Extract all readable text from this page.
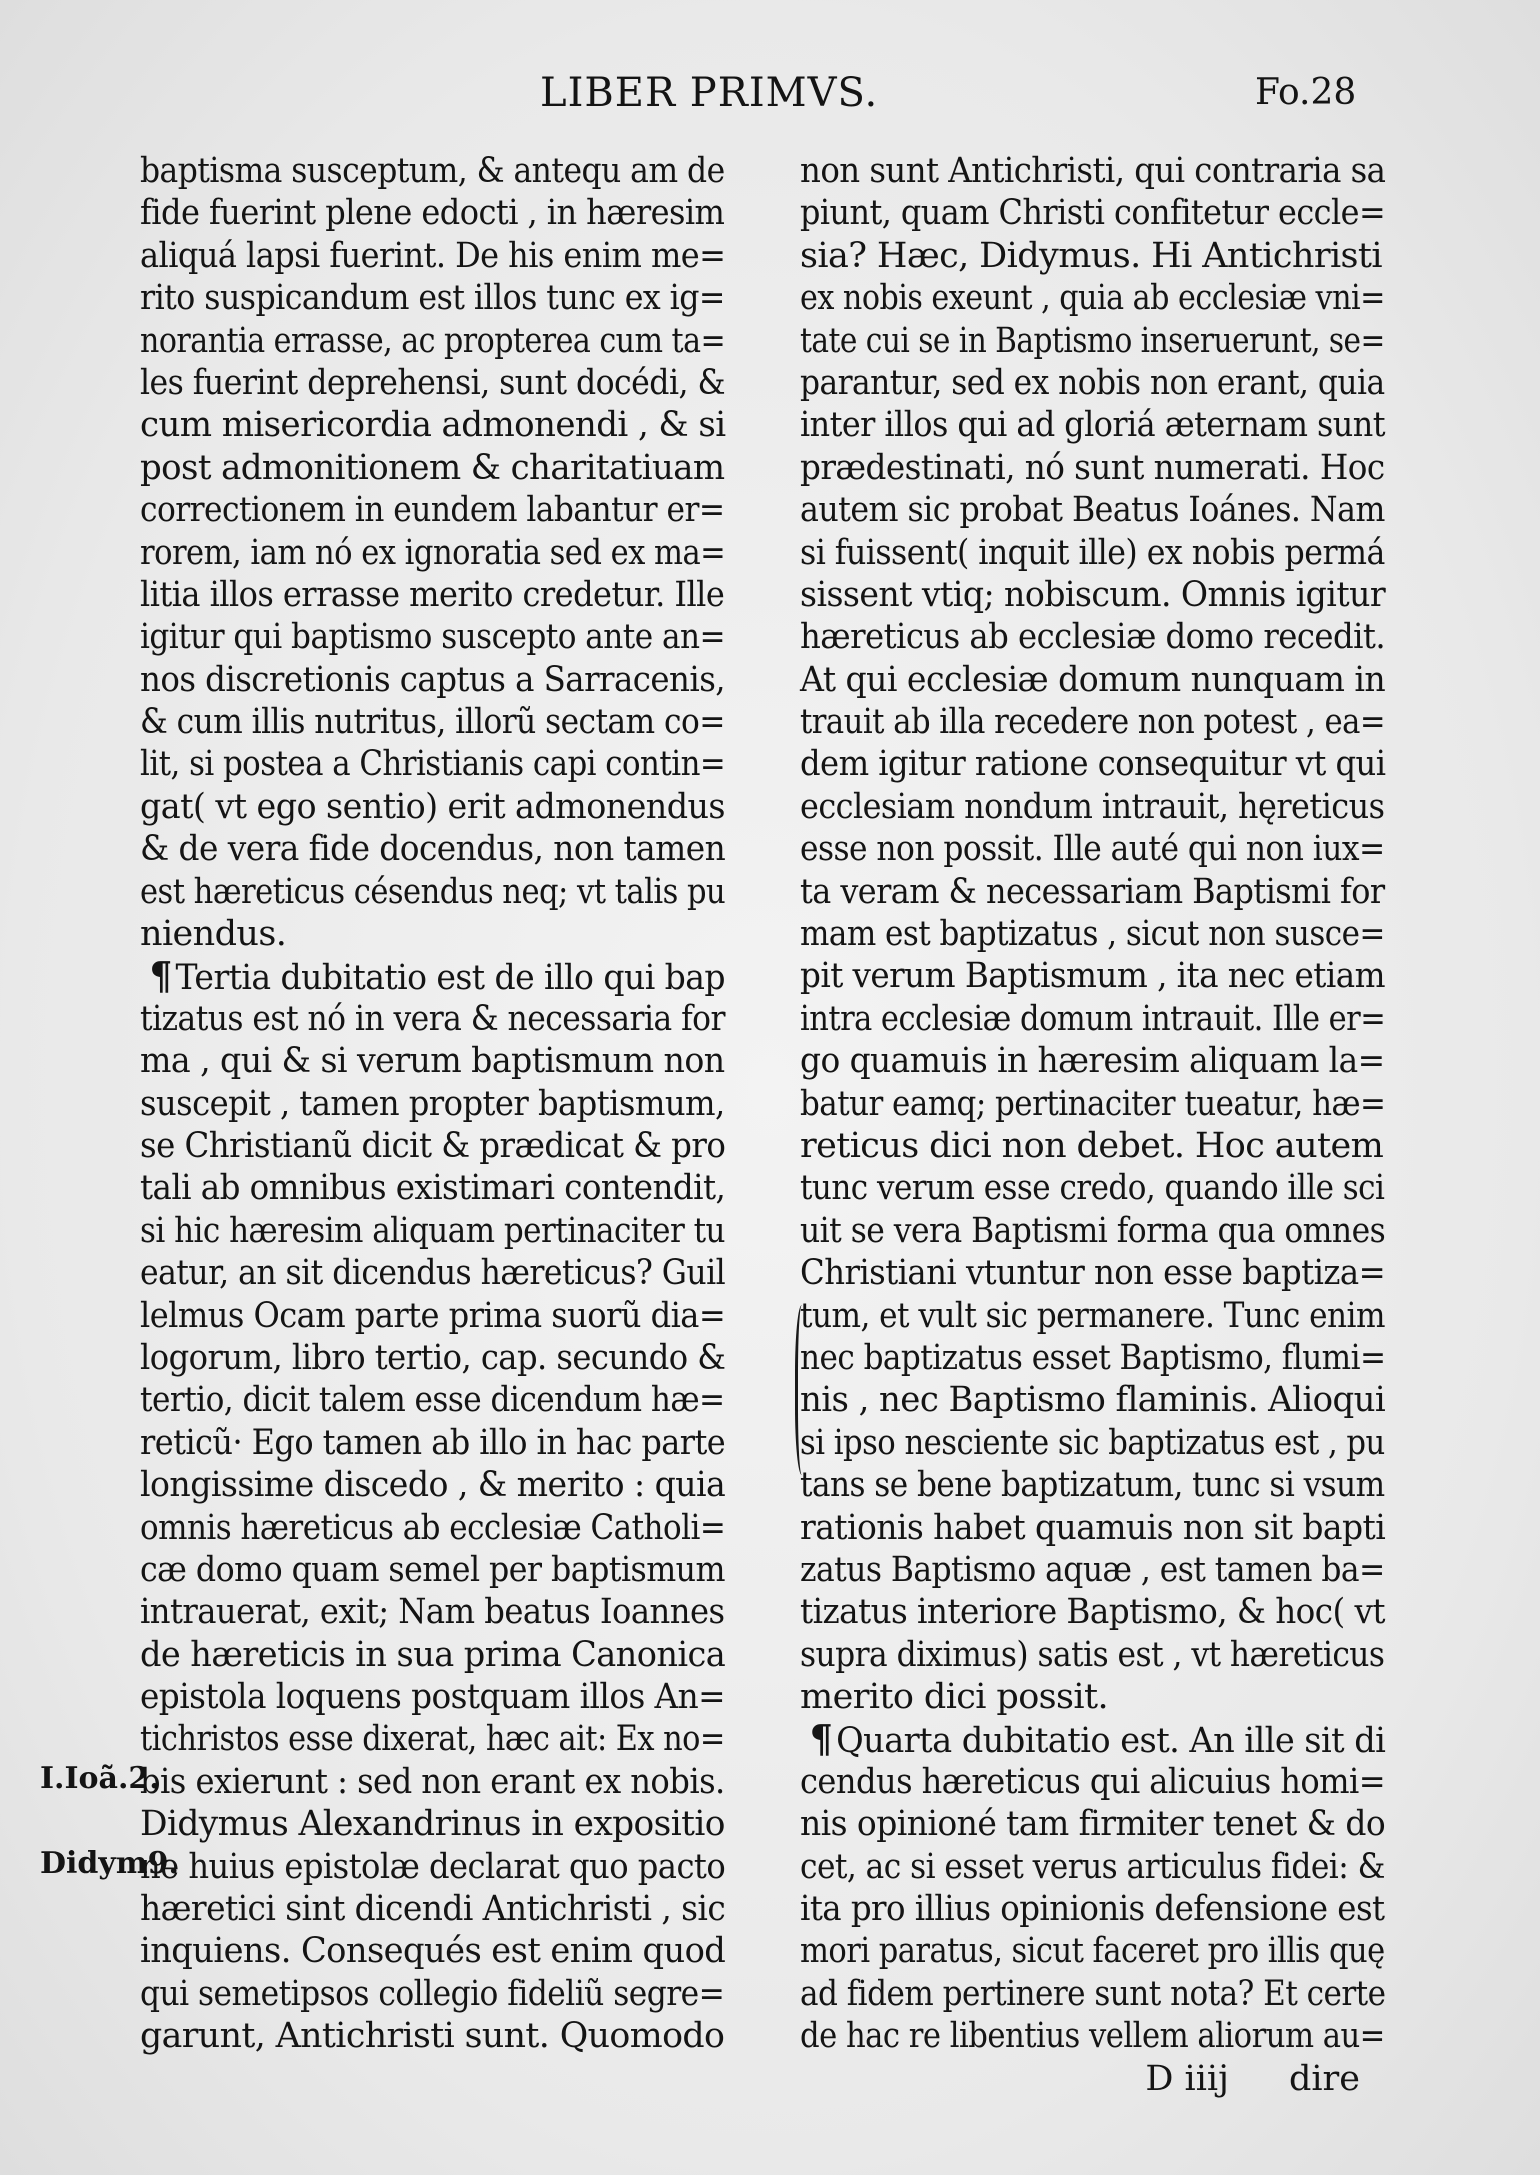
LIBER PRIMVS.	Fo.28
baptisma susceptum, & antequ am de
fide fuerint plene edocti , in hæresim
aliquá lapsi fuerint. De his enim me=
rito suspicandum est illos tunc ex ig=
norantia errasse, ac propterea cum ta=
les fuerint deprehensi, sunt docédi, &
cum misericordia admonendi , & si
post admonitionem & charitatiuam
correctionem in eundem labantur er=
rorem, iam nó ex ignoratia sed ex ma=
litia illos errasse merito credetur. Ille
igitur qui baptismo suscepto ante an=
nos discretionis captus a Sarracenis,
& cum illis nutritus, illorũ sectam co=
lit, si postea a Christianis capi contin=
gat( vt ego sentio) erit admonendus
& de vera fide docendus, non tamen
est hæreticus césendus neq; vt talis pu
niendus.
¶ Tertia dubitatio est de illo qui bap
tizatus est nó in vera & necessaria for
ma , qui & si verum baptismum non
suscepit , tamen propter baptismum,
se Christianũ dicit & prædicat & pro
tali ab omnibus existimari contendit,
si hic hæresim aliquam pertinaciter tu
eatur, an sit dicendus hæreticus? Guil
lelmus Ocam parte prima suorũ dia=
logorum, libro tertio, cap. secundo &
tertio, dicit talem esse dicendum hæ=
reticũ· Ego tamen ab illo in hac parte
longissime discedo , & merito : quia
omnis hæreticus ab ecclesiæ Catholi=
cæ domo quam semel per baptismum
intrauerat, exit; Nam beatus Ioannes
de hæreticis in sua prima Canonica
epistola loquens postquam illos An=
tichristos esse dixerat, hæc ait: Ex no=
bis exierunt : sed non erant ex nobis.
Didymus Alexandrinus in expositio
ne huius epistolæ declarat quo pacto
hæretici sint dicendi Antichristi , sic
inquiens. Consequés est enim quod
qui semetipsos collegio fideliũ segre=
garunt, Antichristi sunt. Quomodo
non sunt Antichristi, qui contraria sa
piunt, quam Christi confitetur eccle=
sia? Hæc, Didymus. Hi Antichristi
ex nobis exeunt , quia ab ecclesiæ vni=
tate cui se in Baptismo inseruerunt, se=
parantur, sed ex nobis non erant, quia
inter illos qui ad gloriá æternam sunt
prædestinati, nó sunt numerati. Hoc
autem sic probat Beatus Ioánes. Nam
si fuissent( inquit ille) ex nobis permá
sissent vtiq; nobiscum. Omnis igitur
hæreticus ab ecclesiæ domo recedit.
At qui ecclesiæ domum nunquam in
trauit ab illa recedere non potest , ea=
dem igitur ratione consequitur vt qui
ecclesiam nondum intrauit, hęreticus
esse non possit. Ille auté qui non iux=
ta veram & necessariam Baptismi for
mam est baptizatus , sicut non susce=
pit verum Baptismum , ita nec etiam
intra ecclesiæ domum intrauit. Ille er=
go quamuis in hæresim aliquam la=
batur eamq; pertinaciter tueatur, hæ=
reticus dici non debet. Hoc autem
tunc verum esse credo, quando ille sci
uit se vera Baptismi forma qua omnes
Christiani vtuntur non esse baptiza=
tum, et vult sic permanere. Tunc enim
nec baptizatus esset Baptismo, flumi=
nis , nec Baptismo flaminis. Alioqui
si ipso nesciente sic baptizatus est , pu
tans se bene baptizatum, tunc si vsum
rationis habet quamuis non sit bapti
zatus Baptismo aquæ , est tamen ba=
tizatus interiore Baptismo, & hoc( vt
supra diximus) satis est , vt hæreticus
merito dici possit.
¶ Quarta dubitatio est. An ille sit di
cendus hæreticus qui alicuius homi=
nis opinioné tam firmiter tenet & do
cet, ac si esset verus articulus fidei: &
ita pro illius opinionis defensione est
mori paratus, sicut faceret pro illis quę
ad fidem pertinere sunt nota? Et certe
de hac re libentius vellem aliorum au=
D iiij dire
I.Ioã.2.
Didym9.
